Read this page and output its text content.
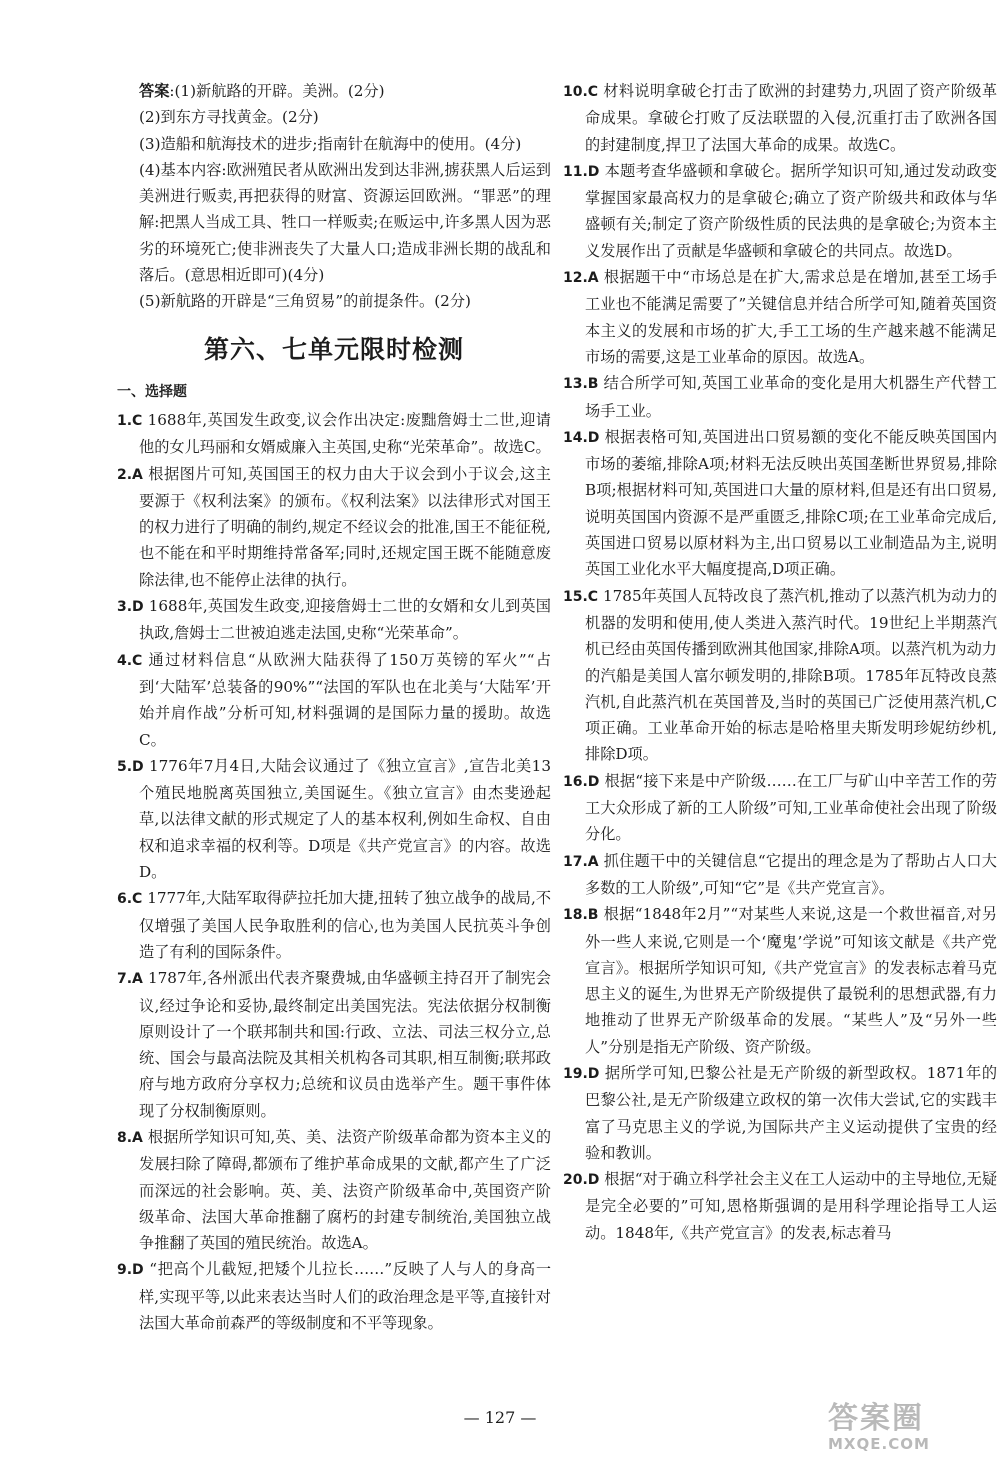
答案:(1)新航路的开辟。美洲。(2分)

(2)到东方寻找黄金。(2分)

(3)造船和航海技术的进步;指南针在航海中的使用。(4分)

(4)基本内容:欧洲殖民者从欧洲出发到达非洲,掳获黑人后运到美洲进行贩卖,再把获得的财富、资源运回欧洲。“罪恶”的理解:把黑人当成工具、牲口一样贩卖;在贩运中,许多黑人因为恶劣的环境死亡;使非洲丧失了大量人口;造成非洲长期的战乱和落后。(意思相近即可)(4分)

(5)新航路的开辟是“三角贸易”的前提条件。(2分)

第六、七单元限时检测
一、选择题

1.C 1688年,英国发生政变,议会作出决定:废黜詹姆士二世,迎请他的女儿玛丽和女婿威廉入主英国,史称“光荣革命”。故选C。

2.A 根据图片可知,英国国王的权力由大于议会到小于议会,这主要源于《权利法案》的颁布。《权利法案》以法律形式对国王的权力进行了明确的制约,规定不经议会的批准,国王不能征税,也不能在和平时期维持常备军;同时,还规定国王既不能随意废除法律,也不能停止法律的执行。

3.D 1688年,英国发生政变,迎接詹姆士二世的女婿和女儿到英国执政,詹姆士二世被迫逃走法国,史称“光荣革命”。

4.C 通过材料信息“从欧洲大陆获得了150万英镑的军火”“占到‘大陆军’总装备的90%”“法国的军队也在北美与‘大陆军’开始并肩作战”分析可知,材料强调的是国际力量的援助。故选C。

5.D 1776年7月4日,大陆会议通过了《独立宣言》,宣告北美13个殖民地脱离英国独立,美国诞生。《独立宣言》由杰斐逊起草,以法律文献的形式规定了人的基本权利,例如生命权、自由权和追求幸福的权利等。D项是《共产党宣言》的内容。故选D。

6.C 1777年,大陆军取得萨拉托加大捷,扭转了独立战争的战局,不仅增强了美国人民争取胜利的信心,也为美国人民抗英斗争创造了有利的国际条件。

7.A 1787年,各州派出代表齐聚费城,由华盛顿主持召开了制宪会议,经过争论和妥协,最终制定出美国宪法。宪法依据分权制衡原则设计了一个联邦制共和国:行政、立法、司法三权分立,总统、国会与最高法院及其相关机构各司其职,相互制衡;联邦政府与地方政府分享权力;总统和议员由选举产生。题干事件体现了分权制衡原则。

8.A 根据所学知识可知,英、美、法资产阶级革命都为资本主义的发展扫除了障碍,都颁布了维护革命成果的文献,都产生了广泛而深远的社会影响。英、美、法资产阶级革命中,英国资产阶级革命、法国大革命推翻了腐朽的封建专制统治,美国独立战争推翻了英国的殖民统治。故选A。

9.D “把高个儿截短,把矮个儿拉长……”反映了人与人的身高一样,实现平等,以此来表达当时人们的政治理念是平等,直接针对法国大革命前森严的等级制度和不平等现象。

10.C 材料说明拿破仑打击了欧洲的封建势力,巩固了资产阶级革命成果。拿破仑打败了反法联盟的入侵,沉重打击了欧洲各国的封建制度,捍卫了法国大革命的成果。故选C。

11.D 本题考查华盛顿和拿破仑。据所学知识可知,通过发动政变掌握国家最高权力的是拿破仑;确立了资产阶级共和政体与华盛顿有关;制定了资产阶级性质的民法典的是拿破仑;为资本主义发展作出了贡献是华盛顿和拿破仑的共同点。故选D。

12.A 根据题干中“市场总是在扩大,需求总是在增加,甚至工场手工业也不能满足需要了”关键信息并结合所学可知,随着英国资本主义的发展和市场的扩大,手工工场的生产越来越不能满足市场的需要,这是工业革命的原因。故选A。

13.B 结合所学可知,英国工业革命的变化是用大机器生产代替工场手工业。

14.D 根据表格可知,英国进出口贸易额的变化不能反映英国国内市场的萎缩,排除A项;材料无法反映出英国垄断世界贸易,排除B项;根据材料可知,英国进口大量的原材料,但是还有出口贸易,说明英国国内资源不是严重匮乏,排除C项;在工业革命完成后,英国进口贸易以原材料为主,出口贸易以工业制造品为主,说明英国工业化水平大幅度提高,D项正确。

15.C 1785年英国人瓦特改良了蒸汽机,推动了以蒸汽机为动力的机器的发明和使用,使人类进入蒸汽时代。19世纪上半期蒸汽机已经由英国传播到欧洲其他国家,排除A项。以蒸汽机为动力的汽船是美国人富尔顿发明的,排除B项。1785年瓦特改良蒸汽机,自此蒸汽机在英国普及,当时的英国已广泛使用蒸汽机,C项正确。工业革命开始的标志是哈格里夫斯发明珍妮纺纱机,排除D项。

16.D 根据“接下来是中产阶级……在工厂与矿山中辛苦工作的劳工大众形成了新的工人阶级”可知,工业革命使社会出现了阶级分化。

17.A 抓住题干中的关键信息“它提出的理念是为了帮助占人口大多数的工人阶级”,可知“它”是《共产党宣言》。

18.B 根据“1848年2月”“对某些人来说,这是一个救世福音,对另外一些人来说,它则是一个‘魔鬼’学说”可知该文献是《共产党宣言》。根据所学知识可知,《共产党宣言》的发表标志着马克思主义的诞生,为世界无产阶级提供了最锐利的思想武器,有力地推动了世界无产阶级革命的发展。“某些人”及“另外一些人”分别是指无产阶级、资产阶级。

19.D 据所学可知,巴黎公社是无产阶级的新型政权。1871年的巴黎公社,是无产阶级建立政权的第一次伟大尝试,它的实践丰富了马克思主义的学说,为国际共产主义运动提供了宝贵的经验和教训。

20.D 根据“对于确立科学社会主义在工人运动中的主导地位,无疑是完全必要的”可知,恩格斯强调的是用科学理论指导工人运动。1848年,《共产党宣言》的发表,标志着马

— 127 —	答案圈
MXQE.COM
